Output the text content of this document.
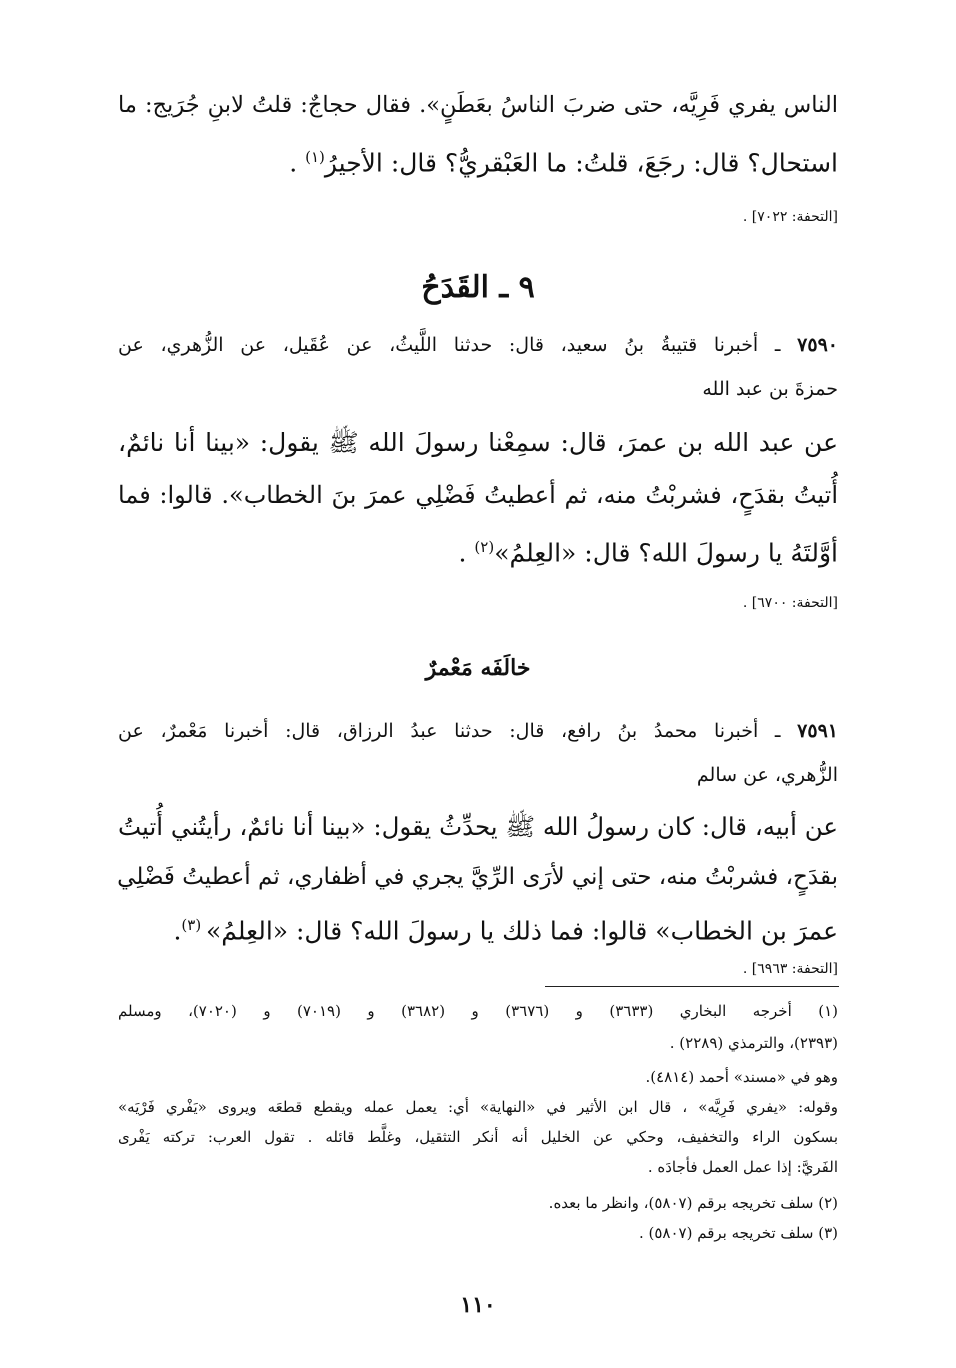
الناس يفري فَرِيَّه، حتى ضربَ الناسُ بعَطَنٍ». فقال حجاجٌ: قلتُ لابنِ جُرَيج: ما
استحال؟ قال: رجَعَ، قلتُ: ما العَبْقريُّ؟ قال: الأجيرُ$^{(١)}$ .
[التحفة: ٧٠٢٢] .
٩ ـ القَدَحُ
٧٥٩٠ ـ أخبرنا قتيبةُ بنُ سعيد، قال: حدثنا اللَّيثُ، عن عُقَيل، عن الزُّهري، عن
حمزةَ بن عبد الله
عن عبد الله بن عمرَ، قال: سمِعْنا رسولَ الله ﷺ يقول: «بينا أنا نائمٌ،
أُتيتُ بقدَحٍ، فشربْتُ منه، ثم أعطيتُ فَضْلِي عمرَ بنَ الخطاب». قالوا: فما
أوَّلتَهُ يا رسولَ الله؟ قال: «العِلمُ»$^{(٢)}$ .
[التحفة: ٦٧٠٠] .
خالَفَه مَعْمرٌ
٧٥٩١ ـ أخبرنا محمدُ بنُ رافع، قال: حدثنا عبدُ الرزاق، قال: أخبرنا مَعْمرٌ، عن
الزُّهري، عن سالم
عن أبيه، قال: كان رسولُ الله ﷺ يحدِّثُ يقول: «بينا أنا نائمٌ، رأيتُني أُتيتُ
بقدَحٍ، فشربْتُ منه، حتى إني لأرَى الرِّيَّ يجري في أظفاري، ثم أعطيتُ فَضْلِي
عمرَ بن الخطاب» قالوا: فما ذلك يا رسولَ الله؟ قال: «العِلمُ» $^{(٣)}$.
[التحفة: ٦٩٦٣] .
(١) أخرجه البخاري (٣٦٣٣) و (٣٦٧٦) و (٣٦٨٢) و (٧٠١٩) و (٧٠٢٠)، ومسلم
(٢٣٩٣)، والترمذي (٢٢٨٩) .
وهو في «مسند» أحمد (٤٨١٤).
وقوله: «يفري فَرِيَّه» ، قال ابن الأثير في «النهاية» أي: يعمل عمله ويقطع قطعَه ويروى «يَفْري فَرْيَه»
بسكون الراء والتخفيف، وحكي عن الخليل أنه أنكر التثقيل، وغلَّط قائله . تقول العرب: تركته يَفْرى
الفَريَّ: إذا عمل العمل فأجادَه .
(٢) سلف تخريجه برقم (٥٨٠٧)، وانظر ما بعده.
(٣) سلف تخريجه برقم (٥٨٠٧) .
١١٠
